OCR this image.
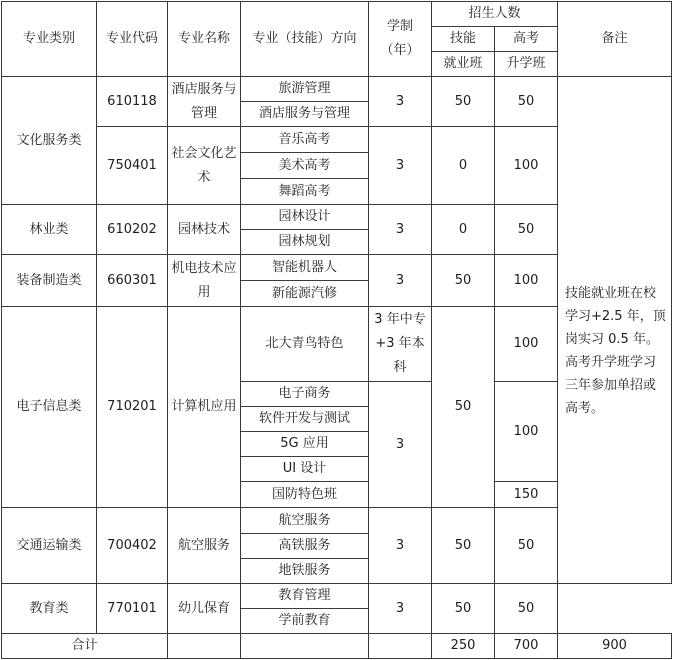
专业类别	专业代码	专业名称	专业（技能）方向	学制（年）	招生人数		备注
					技能	高考	
					就业班	升学班	
文化服务类	610118	酒店服务与管理	旅游管理	3	50	50	
			酒店服务与管理				
	750401	社会文化艺术	音乐高考	3	0	100	
			美术高考				
			舞蹈高考				
林业类	610202	园林技术	园林设计	3	0	50	
			园林规划				
装备制造类	660301	机电技术应用	智能机器人	3	50	100	
			新能源汽修				
电子信息类	710201	计算机应用	北大青鸟特色	3 年中专+3 年本科	50	100	
			电子商务	3		100	
			软件开发与测试				
			5G 应用				
			UI 设计				
			国防特色班			150	
交通运输类	700402	航空服务	航空服务	3	50	50	
			高铁服务				
			地铁服务				
教育类	770101	幼儿保育	教育管理	3	50	50	
			学前教育				
合计					250	700	900
技能就业班在校学习+2.5 年，顶岗实习 0.5 年。高考升学班学习三年参加单招或高考。
